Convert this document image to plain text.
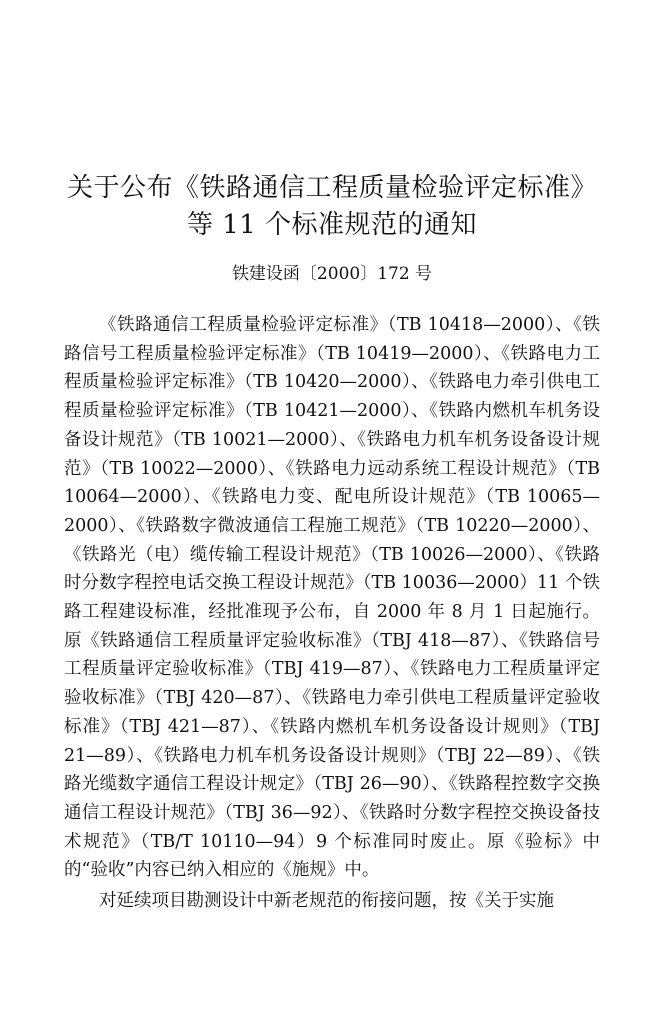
关于公布《铁路通信工程质量检验评定标准》
等 11 个标准规范的通知
铁建设函〔2000〕172 号

《铁路通信工程质量检验评定标准》（TB 10418—2000）、《铁路信号工程质量检验评定标准》（TB 10419—2000）、《铁路电力工程质量检验评定标准》（TB 10420—2000）、《铁路电力牵引供电工程质量检验评定标准》（TB 10421—2000）、《铁路内燃机车机务设备设计规范》（TB 10021—2000）、《铁路电力机车机务设备设计规范》（TB 10022—2000）、《铁路电力远动系统工程设计规范》（TB 10064—2000）、《铁路电力变、配电所设计规范》（TB 10065—2000）、《铁路数字微波通信工程施工规范》（TB 10220—2000）、《铁路光（电）缆传输工程设计规范》（TB 10026—2000）、《铁路时分数字程控电话交换工程设计规范》（TB 10036—2000）11 个铁路工程建设标准，经批准现予公布，自 2000 年 8 月 1 日起施行。原《铁路通信工程质量评定验收标准》（TBJ 418—87）、《铁路信号工程质量评定验收标准》（TBJ 419—87）、《铁路电力工程质量评定验收标准》（TBJ 420—87）、《铁路电力牵引供电工程质量评定验收标准》（TBJ 421—87）、《铁路内燃机车机务设备设计规则》（TBJ 21—89）、《铁路电力机车机务设备设计规则》（TBJ 22—89）、《铁路光缆数字通信工程设计规定》（TBJ 26—90）、《铁路程控数字交换通信工程设计规范》（TBJ 36—92）、《铁路时分数字程控交换设备技术规范》（TB/T 10110—94）9 个标准同时废止。原《验标》中的“验收”内容已纳入相应的《施规》中。

对延续项目勘测设计中新老规范的衔接问题，按《关于实施
